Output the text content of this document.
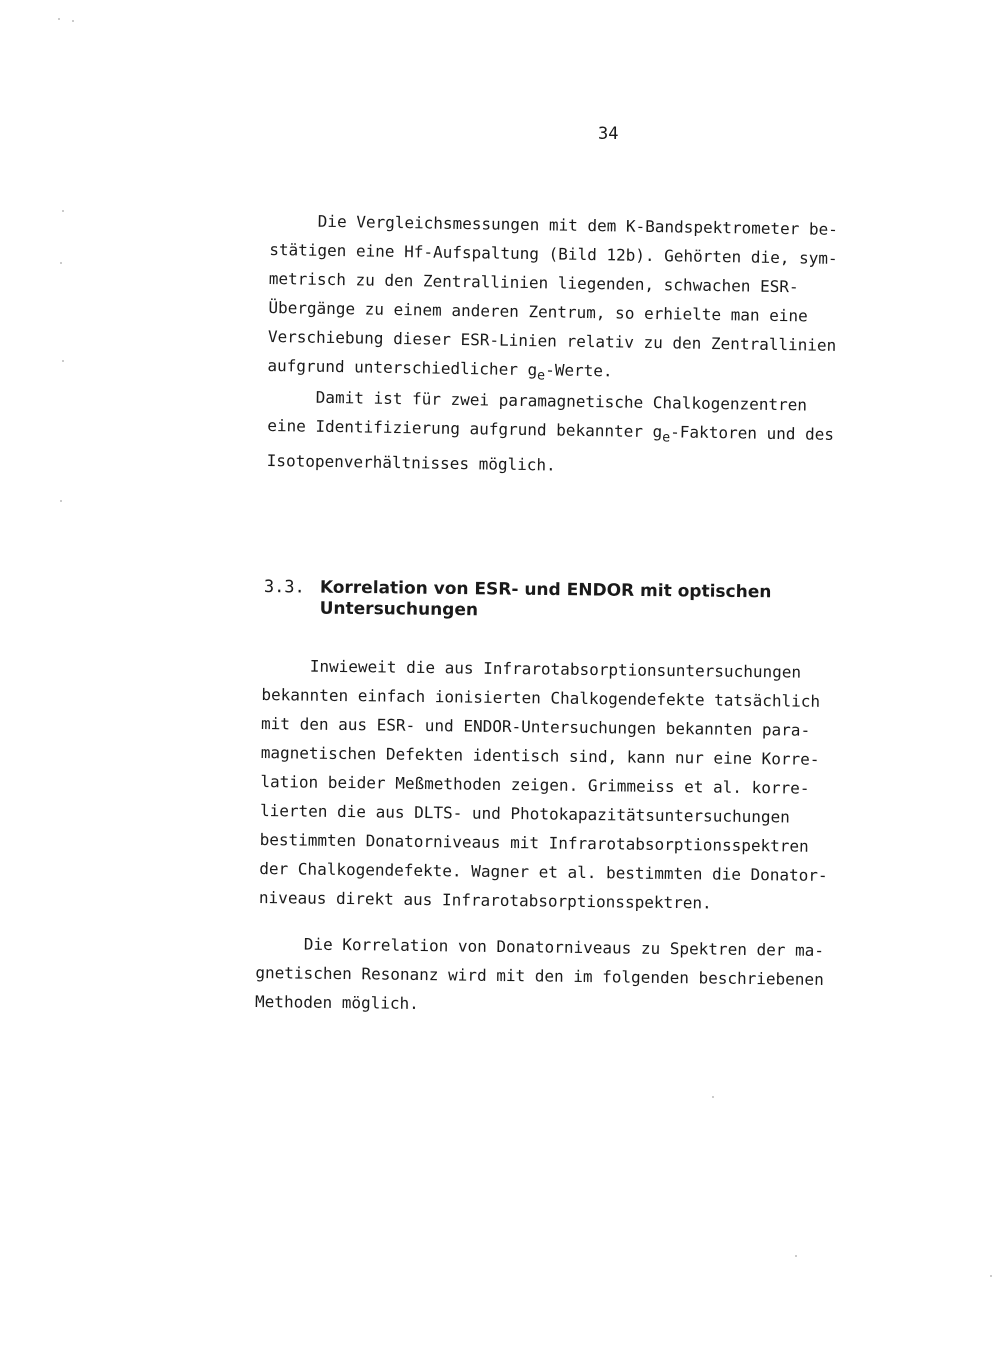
34
Die Vergleichsmessungen mit dem K-Bandspektrometer be-
stätigen eine Hf-Aufspaltung (Bild 12b). Gehörten die, sym-
metrisch zu den Zentrallinien liegenden, schwachen ESR-
Übergänge zu einem anderen Zentrum, so erhielte man eine
Verschiebung dieser ESR-Linien relativ zu den Zentrallinien
aufgrund unterschiedlicher $g_e$-Werte.
Damit ist für zwei paramagnetische Chalkogenzentren
eine Identifizierung aufgrund bekannter $g_e$-Faktoren und des
Isotopenverhältnisses möglich.
3.3. Korrelation von ESR- und ENDOR mit optischen
Untersuchungen
Inwieweit die aus Infrarotabsorptionsuntersuchungen
bekannten einfach ionisierten Chalkogendefekte tatsächlich
mit den aus ESR- und ENDOR-Untersuchungen bekannten para-
magnetischen Defekten identisch sind, kann nur eine Korre-
lation beider Meßmethoden zeigen. Grimmeiss et al. korre-
lierten die aus DLTS- und Photokapazitätsuntersuchungen
bestimmten Donatorniveaus mit Infrarotabsorptionsspektren
der Chalkogendefekte. Wagner et al. bestimmten die Donator-
niveaus direkt aus Infrarotabsorptionsspektren.
Die Korrelation von Donatorniveaus zu Spektren der ma-
gnetischen Resonanz wird mit den im folgenden beschriebenen
Methoden möglich.
